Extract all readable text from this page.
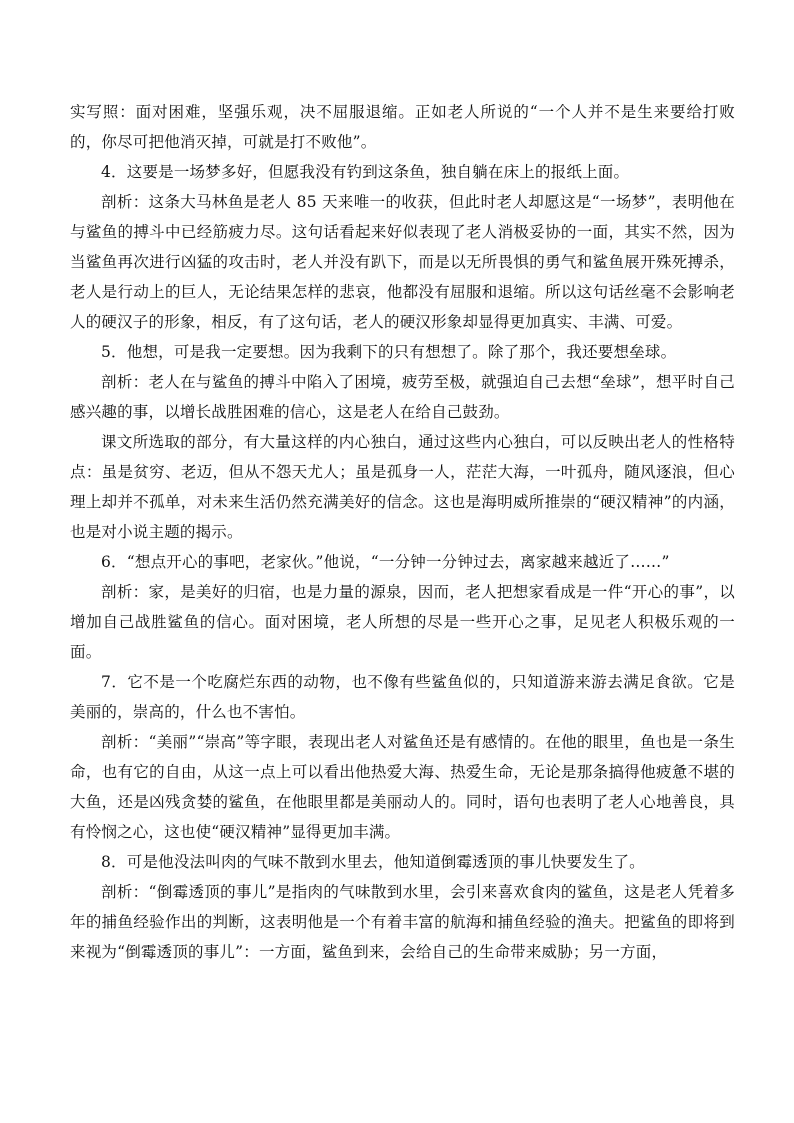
实写照：面对困难，坚强乐观，决不屈服退缩。正如老人所说的“一个人并不是生来要给打败的，你尽可把他消灭掉，可就是打不败他”。

4．这要是一场梦多好，但愿我没有钓到这条鱼，独自躺在床上的报纸上面。

剖析：这条大马林鱼是老人 85 天来唯一的收获，但此时老人却愿这是“一场梦”，表明他在与鲨鱼的搏斗中已经筋疲力尽。这句话看起来好似表现了老人消极妥协的一面，其实不然，因为当鲨鱼再次进行凶猛的攻击时，老人并没有趴下，而是以无所畏惧的勇气和鲨鱼展开殊死搏杀，老人是行动上的巨人，无论结果怎样的悲哀，他都没有屈服和退缩。所以这句话丝毫不会影响老人的硬汉子的形象，相反，有了这句话，老人的硬汉形象却显得更加真实、丰满、可爱。

5．他想，可是我一定要想。因为我剩下的只有想想了。除了那个，我还要想垒球。

剖析：老人在与鲨鱼的搏斗中陷入了困境，疲劳至极，就强迫自己去想“垒球”，想平时自己感兴趣的事，以增长战胜困难的信心，这是老人在给自己鼓劲。

课文所选取的部分，有大量这样的内心独白，通过这些内心独白，可以反映出老人的性格特点：虽是贫穷、老迈，但从不怨天尤人；虽是孤身一人，茫茫大海，一叶孤舟，随风逐浪，但心理上却并不孤单，对未来生活仍然充满美好的信念。这也是海明威所推崇的“硬汉精神”的内涵，也是对小说主题的揭示。

6．“想点开心的事吧，老家伙。”他说，“一分钟一分钟过去，离家越来越近了……”

剖析：家，是美好的归宿，也是力量的源泉，因而，老人把想家看成是一件“开心的事”，以增加自己战胜鲨鱼的信心。面对困境，老人所想的尽是一些开心之事，足见老人积极乐观的一面。

7．它不是一个吃腐烂东西的动物，也不像有些鲨鱼似的，只知道游来游去满足食欲。它是美丽的，崇高的，什么也不害怕。

剖析：“美丽”“崇高”等字眼，表现出老人对鲨鱼还是有感情的。在他的眼里，鱼也是一条生命，也有它的自由，从这一点上可以看出他热爱大海、热爱生命，无论是那条搞得他疲惫不堪的大鱼，还是凶残贪婪的鲨鱼，在他眼里都是美丽动人的。同时，语句也表明了老人心地善良，具有怜悯之心，这也使“硬汉精神”显得更加丰满。

8．可是他没法叫肉的气味不散到水里去，他知道倒霉透顶的事儿快要发生了。

剖析：“倒霉透顶的事儿”是指肉的气味散到水里，会引来喜欢食肉的鲨鱼，这是老人凭着多年的捕鱼经验作出的判断，这表明他是一个有着丰富的航海和捕鱼经验的渔夫。把鲨鱼的即将到来视为“倒霉透顶的事儿”：一方面，鲨鱼到来，会给自己的生命带来威胁；另一方面，
